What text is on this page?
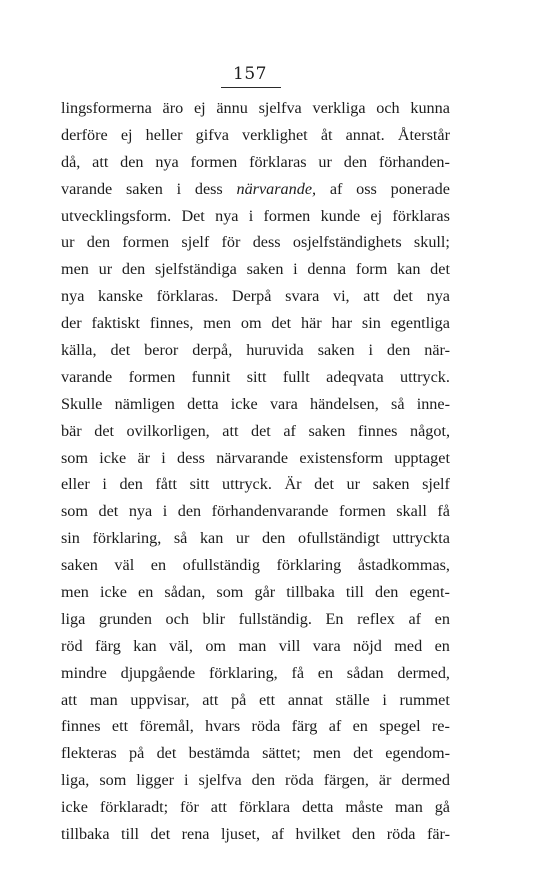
157
lingsformerna äro ej ännu sjelfva verkliga och kunna
derföre ej heller gifva verklighet åt annat. Återstår
då, att den nya formen förklaras ur den förhanden-
varande saken i dess närvarande, af oss ponerade
utvecklingsform. Det nya i formen kunde ej förklaras
ur den formen sjelf för dess osjelfständighets skull;
men ur den sjelfständiga saken i denna form kan det
nya kanske förklaras. Derpå svara vi, att det nya
der faktiskt finnes, men om det här har sin egentliga
källa, det beror derpå, huruvida saken i den när-
varande formen funnit sitt fullt adeqvata uttryck.
Skulle nämligen detta icke vara händelsen, så inne-
bär det ovilkorligen, att det af saken finnes något,
som icke är i dess närvarande existensform upptaget
eller i den fått sitt uttryck. Är det ur saken sjelf
som det nya i den förhandenvarande formen skall få
sin förklaring, så kan ur den ofullständigt uttryckta
saken väl en ofullständig förklaring åstadkommas,
men icke en sådan, som går tillbaka till den egent-
liga grunden och blir fullständig. En reflex af en
röd färg kan väl, om man vill vara nöjd med en
mindre djupgående förklaring, få en sådan dermed,
att man uppvisar, att på ett annat ställe i rummet
finnes ett föremål, hvars röda färg af en spegel re-
flekteras på det bestämda sättet; men det egendom-
liga, som ligger i sjelfva den röda färgen, är dermed
icke förklaradt; för att förklara detta måste man gå
tillbaka till det rena ljuset, af hvilket den röda fär-
